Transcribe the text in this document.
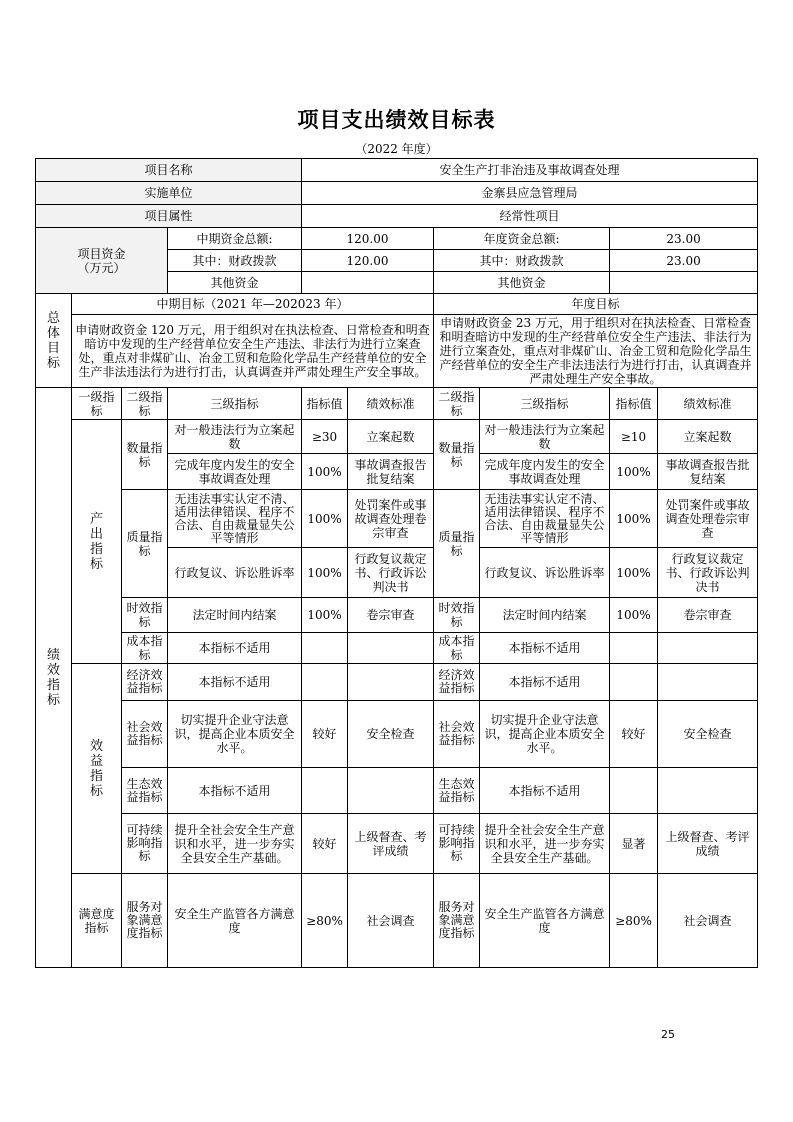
项目支出绩效目标表
（2022 年度）
项目名称				安全生产打非治违及事故调查处理					
实施单位				金寨县应急管理局					
项目属性				经常性项目					

项目资金
（万元）			中期资金总额:	120.00		年度资金总额:		23.00	
			其中：财政拨款	120.00		其中：财政拨款		23.00	
			其他资金			其他资金			
总体目标	中期目标（2021 年—202023 年）					年度目标			
	申请财政资金 120 万元，用于组织对在执法检查、日常检查和明查暗访中发现的生产经营单位安全生产违法、非法行为进行立案查处，重点对非煤矿山、冶金工贸和危险化学品生产经营单位的安全生产非法违法行为进行打击，认真调查并严肃处理生产安全事故。					申请财政资金 23 万元，用于组织对在执法检查、日常检查和明查暗访中发现的生产经营单位安全生产违法、非法行为进行立案查处，重点对非煤矿山、冶金工贸和危险化学品生产经营单位的安全生产非法违法行为进行打击，认真调查并严肃处理生产安全事故。			
绩效指标	一级指标	二级指标	三级指标	指标值	绩效标准	二级指标	三级指标	指标值	绩效标准
	产出指标	数量指标	对一般违法行为立案起数	≥30	立案起数	数量指标	对一般违法行为立案起数	≥10	立案起数
			完成年度内发生的安全事故调查处理	100%	事故调查报告批复结案		完成年度内发生的安全事故调查处理	100%	事故调查报告批复结案
		质量指标	无违法事实认定不清、适用法律错误、程序不合法、自由裁量显失公平等情形	100%	处罚案件或事故调查处理卷宗审查	质量指标	无违法事实认定不清、适用法律错误、程序不合法、自由裁量显失公平等情形	100%	处罚案件或事故调查处理卷宗审查
			行政复议、诉讼胜诉率	100%	行政复议裁定书、行政诉讼判决书		行政复议、诉讼胜诉率	100%	行政复议裁定书、行政诉讼判决书
		时效指标	法定时间内结案	100%	卷宗审查	时效指标	法定时间内结案	100%	卷宗审查
		成本指标	本指标不适用			成本指标	本指标不适用		
	效益指标	经济效益指标	本指标不适用			经济效益指标	本指标不适用		
		社会效益指标	切实提升企业守法意识，提高企业本质安全水平。	较好	安全检查	社会效益指标	切实提升企业守法意识，提高企业本质安全水平。	较好	安全检查
		生态效益指标	本指标不适用			生态效益指标	本指标不适用		
		可持续影响指标	提升全社会安全生产意识和水平，进一步夯实全县安全生产基础。	较好	上级督查、考评成绩	可持续影响指标	提升全社会安全生产意识和水平，进一步夯实全县安全生产基础。	显著	上级督查、考评成绩
	满意度指标	服务对象满意度指标	安全生产监管各方满意度	≥80%	社会调查	服务对象满意度指标	安全生产监管各方满意度	≥80%	社会调查
25
